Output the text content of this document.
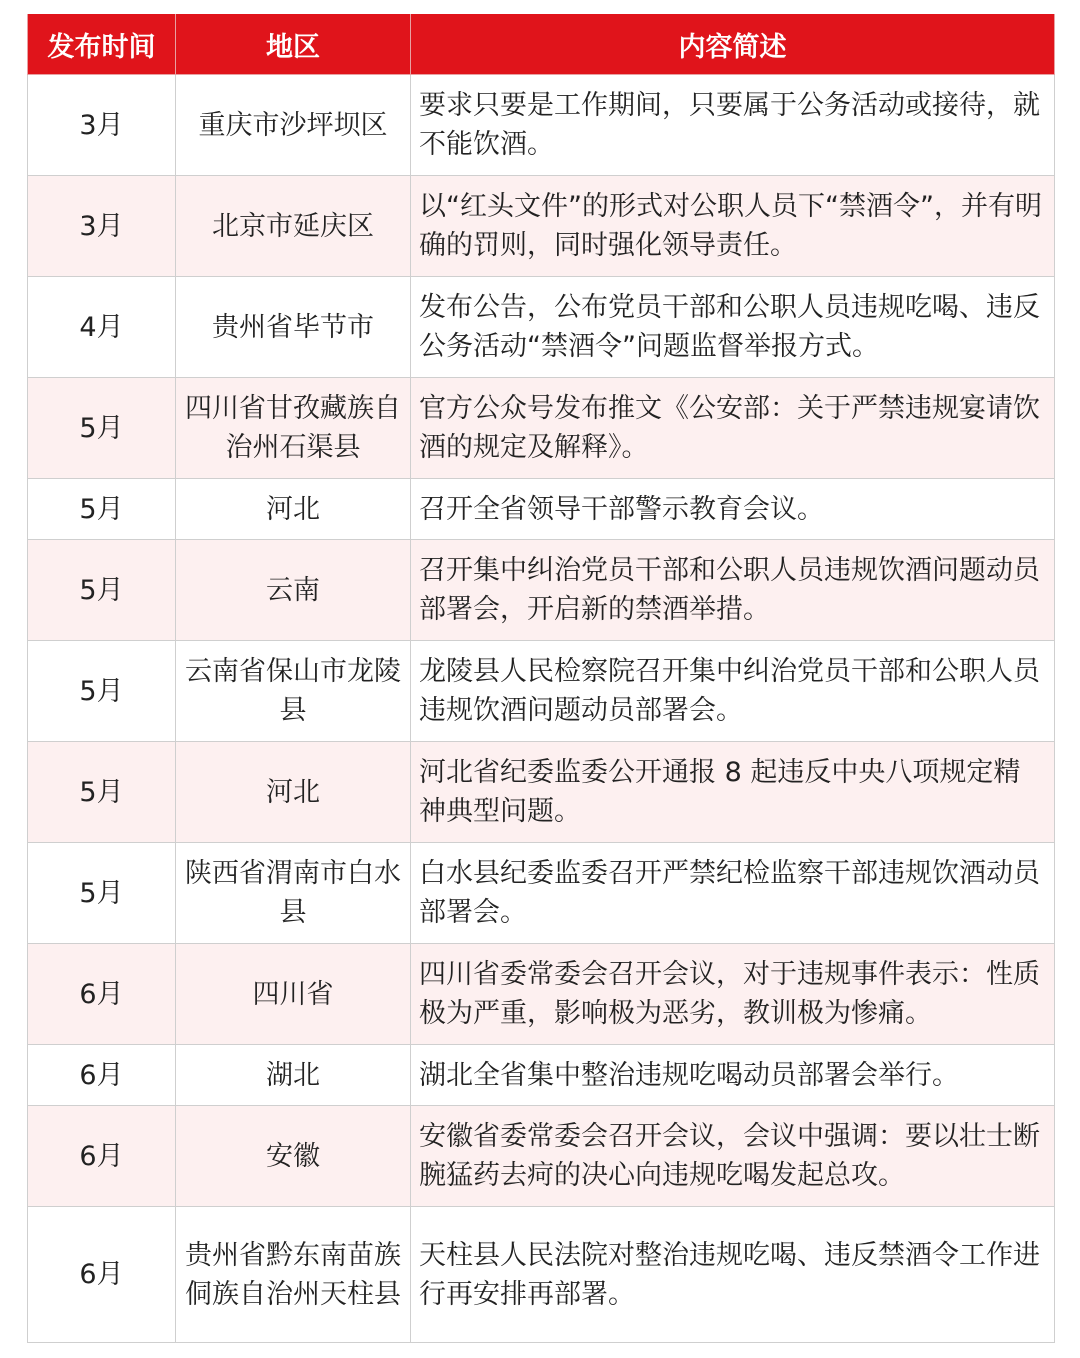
发布时间	地区	内容简述
3月	重庆市沙坪坝区	要求只要是工作期间，只要属于公务活动或接待，就不能饮酒。
3月	北京市延庆区	以“红头文件”的形式对公职人员下“禁酒令”，并有明确的罚则，同时强化领导责任。
4月	贵州省毕节市	发布公告，公布党员干部和公职人员违规吃喝、违反公务活动“禁酒令”问题监督举报方式。
5月	四川省甘孜藏族自治州石渠县	官方公众号发布推文《公安部：关于严禁违规宴请饮酒的规定及解释》。
5月	河北	召开全省领导干部警示教育会议。
5月	云南	召开集中纠治党员干部和公职人员违规饮酒问题动员部署会，开启新的禁酒举措。
5月	云南省保山市龙陵县	龙陵县人民检察院召开集中纠治党员干部和公职人员违规饮酒问题动员部署会。
5月	河北	河北省纪委监委公开通报 8 起违反中央八项规定精神典型问题。
5月	陕西省渭南市白水县	白水县纪委监委召开严禁纪检监察干部违规饮酒动员部署会。
6月	四川省	四川省委常委会召开会议，对于违规事件表示：性质极为严重，影响极为恶劣，教训极为惨痛。
6月	湖北	湖北全省集中整治违规吃喝动员部署会举行。
6月	安徽	安徽省委常委会召开会议，会议中强调：要以壮士断腕猛药去疴的决心向违规吃喝发起总攻。
6月	贵州省黔东南苗族侗族自治州天柱县	天柱县人民法院对整治违规吃喝、违反禁酒令工作进行再安排再部署。
